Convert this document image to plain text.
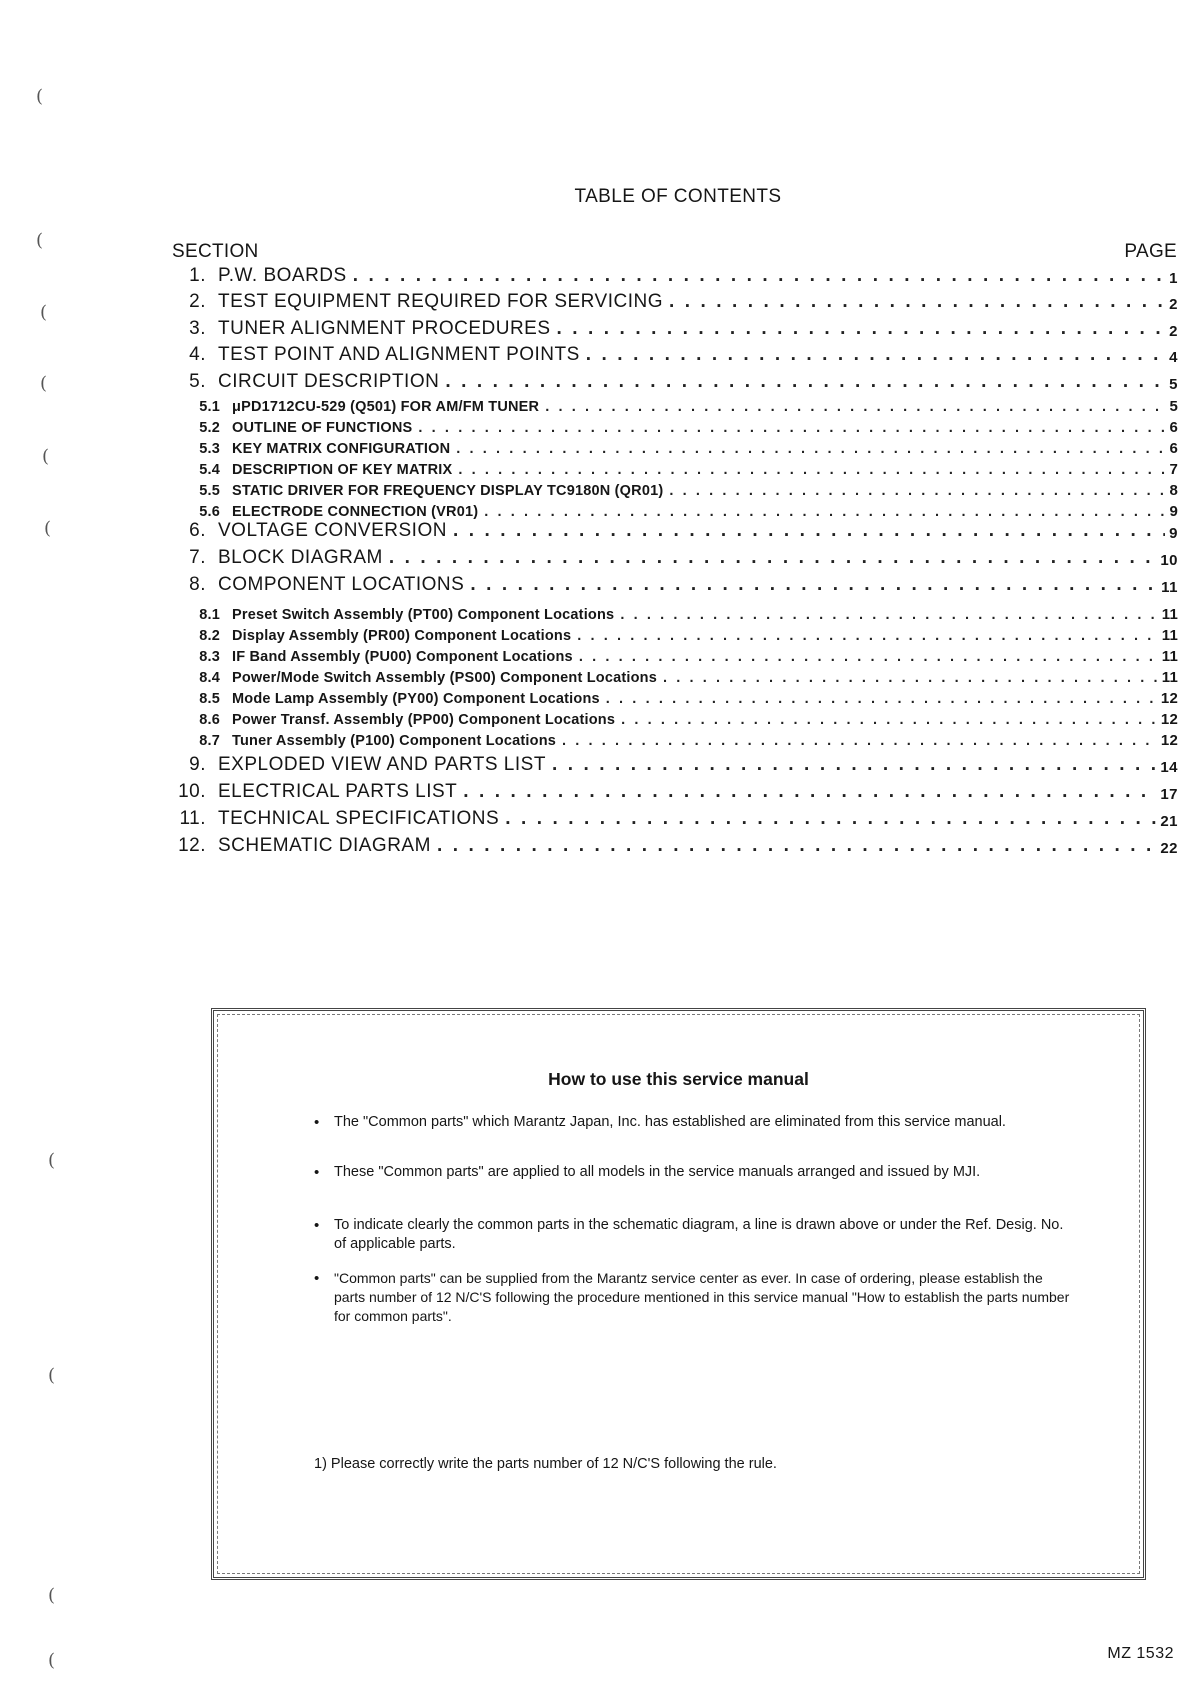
(
(
(
(
(
(
(
(
(
(
TABLE OF CONTENTS
SECTION	PAGE
1. P.W. BOARDS . . .	1
2. TEST EQUIPMENT REQUIRED FOR SERVICING . . .	2
3. TUNER ALIGNMENT PROCEDURES . . .	2
4. TEST POINT AND ALIGNMENT POINTS . . .	4
5. CIRCUIT DESCRIPTION . . .	5
5.1 μPD1712CU-529 (Q501) FOR AM/FM TUNER . . .	5
5.2 OUTLINE OF FUNCTIONS . . .	6
5.3 KEY MATRIX CONFIGURATION . . .	6
5.4 DESCRIPTION OF KEY MATRIX . . .	7
5.5 STATIC DRIVER FOR FREQUENCY DISPLAY TC9180N (QR01) . . .	8
5.6 ELECTRODE CONNECTION (VR01) . . .	9
6. VOLTAGE CONVERSION . . .	9
7. BLOCK DIAGRAM . . .	10
8. COMPONENT LOCATIONS . . .	11
8.1 Preset Switch Assembly (PT00) Component Locations . . .	11
8.2 Display Assembly (PR00) Component Locations . . .	11
8.3 IF Band Assembly (PU00) Component Locations . . .	11
8.4 Power/Mode Switch Assembly (PS00) Component Locations . . .	11
8.5 Mode Lamp Assembly (PY00) Component Locations . . .	12
8.6 Power Transf. Assembly (PP00) Component Locations . . .	12
8.7 Tuner Assembly (P100) Component Locations . . .	12
9. EXPLODED VIEW AND PARTS LIST . . .	14
10. ELECTRICAL PARTS LIST . . .	17
11. TECHNICAL SPECIFICATIONS . . .	21
12. SCHEMATIC DIAGRAM . . .	22
How to use this service manual
• The "Common parts" which Marantz Japan, Inc. has established are eliminated from this service manual.
• These "Common parts" are applied to all models in the service manuals arranged and issued by MJI.
• To indicate clearly the common parts in the schematic diagram, a line is drawn above or under the Ref. Desig. No. of applicable parts.
• "Common parts" can be supplied from the Marantz service center as ever. In case of ordering, please establish the parts number of 12 N/C'S following the procedure mentioned in this service manual "How to establish the parts number for common parts".
1) Please correctly write the parts number of 12 N/C'S following the rule.
MZ 1532
